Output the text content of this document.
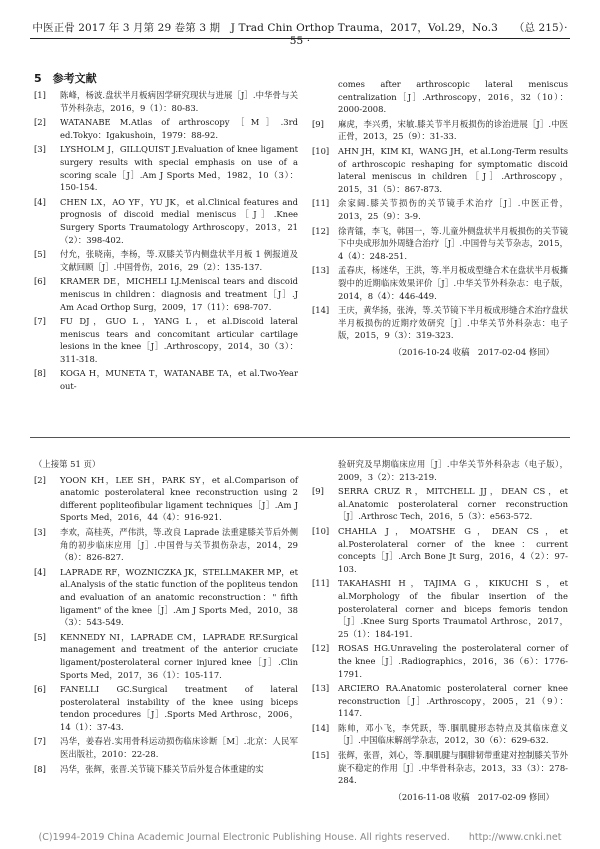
中医正骨 2017 年 3 月第 29 卷第 3 期　J Trad Chin Orthop Trauma，2017，Vol.29，No.3　　（总 215）· 55 ·
5　参考文献
[1]	陈峰，杨波.盘状半月板病因学研究现状与进展［J］.中华骨与关节外科杂志，2016，9（1）：80-83.
[2]	WATANABE M.Atlas of arthroscopy［M］.3rd ed.Tokyo：Igakushoin，1979：88-92.
[3]	LYSHOLM J，GILLQUIST J.Evaluation of knee ligament surgery results with special emphasis on use of a scoring scale［J］.Am J Sports Med，1982，10（3）：150-154.
[4]	CHEN LX，AO YF，YU JK，et al.Clinical features and prognosis of discoid medial meniscus［J］.Knee Surgery Sports Traumatology Arthroscopy，2013，21（2）：398-402.
[5]	付允，张晓南，李杨，等.双膝关节内侧盘状半月板 1 例报道及文献回顾［J］.中国骨伤，2016，29（2）：135-137.
[6]	KRAMER DE，MICHELI LJ.Meniscal tears and discoid meniscus in children：diagnosis and treatment［J］.J Am Acad Orthop Surg，2009，17（11）：698-707.
[7]	FU DJ，GUO L，YANG L，et al.Discoid lateral meniscus tears and concomitant articular cartilage lesions in the knee［J］.Arthroscopy，2014，30（3）：311-318.
[8]	KOGA H，MUNETA T，WATANABE TA，et al.Two-Year out-
comes after arthroscopic lateral meniscus centralization［J］.Arthroscopy，2016，32（10）：2000-2008.
[9]	麻虎，李兴勇，宋敏.膝关节半月板损伤的诊治进展［J］.中医正骨，2013，25（9）：31-33.
[10]	AHN JH，KIM KI，WANG JH，et al.Long-Term results of arthroscopic reshaping for symptomatic discoid lateral meniscus in children［J］.Arthroscopy，2015，31（5）：867-873.
[11]	余家阔.膝关节损伤的关节镜手术治疗［J］.中医正骨，2013，25（9）：3-9.
[12]	徐青镭，李飞，韩国一，等.儿童外侧盘状半月板损伤的关节镜下中央成形加外周缝合治疗［J］.中国骨与关节杂志，2015，4（4）：248-251.
[13]	孟春庆，杨迷华，王洪，等.半月板成型缝合术在盘状半月板撕裂中的近期临床效果评价［J］.中华关节外科杂志：电子版，2014，8（4）：446-449.
[14]	王庆，黄华扬，张涛，等.关节镜下半月板成形缝合术治疗盘状半月板损伤的近期疗效研究［J］.中华关节外科杂志：电子版，2015，9（3）：319-323.
（2016-10-24 收稿　2017-02-04 修回）
（上接第 51 页）
[2]	YOON KH，LEE SH，PARK SY，et al.Comparison of anatomic posterolateral knee reconstruction using 2 different popliteofibular ligament techniques［J］.Am J Sports Med，2016，44（4）：916-921.
[3]	李欢，高桂英，严伟洪，等.改良 Laprade 法重建膝关节后外侧角的初步临床应用［J］.中国骨与关节损伤杂志，2014，29（8）：826-827.
[4]	LAPRADE RF，WOZNICZKA JK，STELLMAKER MP，et al.Analysis of the static function of the popliteus tendon and evaluation of an anatomic reconstruction：" fifth ligament" of the knee［J］.Am J Sports Med，2010，38（3）：543-549.
[5]	KENNEDY NI，LAPRADE CM，LAPRADE RF.Surgical management and treatment of the anterior cruciate ligament/posterolateral corner injured knee［J］.Clin Sports Med，2017，36（1）：105-117.
[6]	FANELLI GC.Surgical treatment of lateral posterolateral instability of the knee using biceps tendon procedures［J］.Sports Med Arthrosc，2006，14（1）：37-43.
[7]	冯华，姜春岩.实用骨科运动损伤临床诊断［M］.北京：人民军医出版社，2010：22-28.
[8]	冯华，张辉，张晋.关节镜下膝关节后外复合体重建的实
验研究及早期临床应用［J］.中华关节外科杂志（电子版），2009，3（2）：213-219.
[9]	SERRA CRUZ R，MITCHELL JJ，DEAN CS，et al.Anatomic posterolateral corner reconstruction［J］.Arthrosc Tech，2016，5（3）：e563-572.
[10]	CHAHLA J，MOATSHE G，DEAN CS，et al.Posterolateral corner of the knee：current concepts［J］.Arch Bone Jt Surg，2016，4（2）：97-103.
[11]	TAKAHASHI H，TAJIMA G，KIKUCHI S，et al.Morphology of the fibular insertion of the posterolateral corner and biceps femoris tendon［J］.Knee Surg Sports Traumatol Arthrosc，2017，25（1）：184-191.
[12]	ROSAS HG.Unraveling the posterolateral corner of the knee［J］.Radiographics，2016，36（6）：1776-1791.
[13]	ARCIERO RA.Anatomic posterolateral corner knee reconstruction［J］.Arthroscopy，2005，21（9）：1147.
[14]	陈帅，邓小飞，李凭跃，等.腘肌腱形态特点及其临床意义［J］.中国临床解剖学杂志，2012，30（6）：629-632.
[15]	张辉，张晋，刘心，等.腘肌腱与腘腓韧带重建对控制膝关节外旋不稳定的作用［J］.中华骨科杂志，2013，33（3）：278-284.
（2016-11-08 收稿　2017-02-09 修回）
(C)1994-2019 China Academic Journal Electronic Publishing House. All rights reserved.　　http://www.cnki.net
